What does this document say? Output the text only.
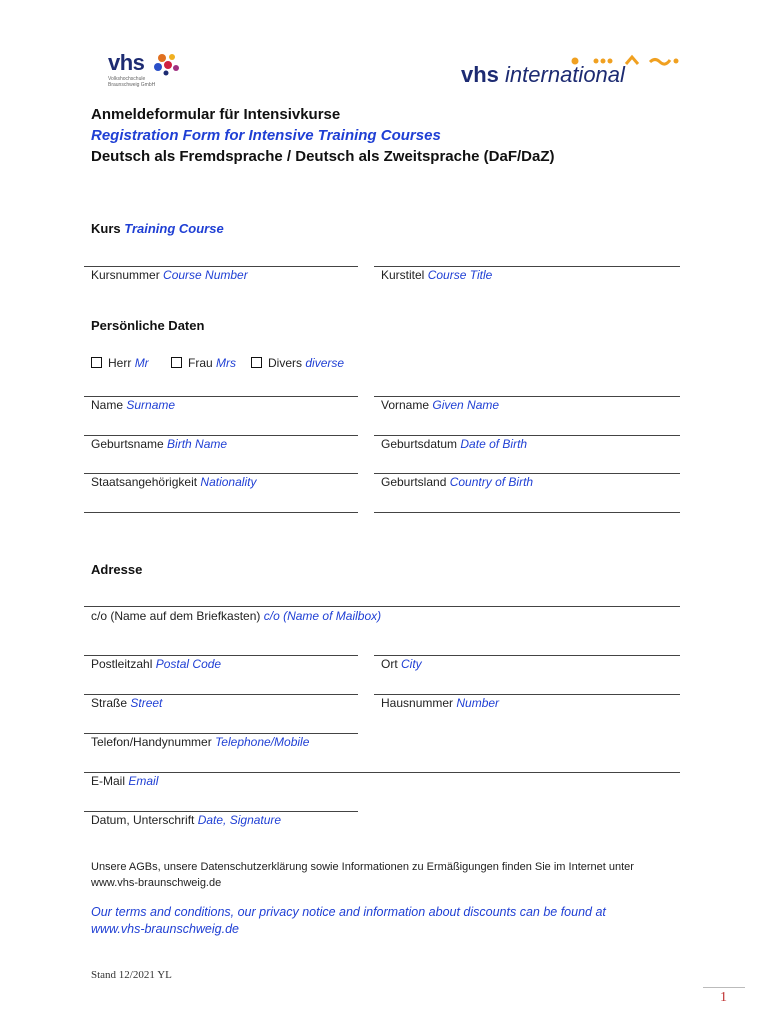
vhs
Volkshochschule Braunschweig GmbH	vhs international
Anmeldeformular für Intensivkurse
Registration Form for Intensive Training Courses
Deutsch als Fremdsprache / Deutsch als Zweitsprache (DaF/DaZ)
Kurs Training Course
Kursnummer Course Number	Kurstitel Course Title
Persönliche Daten
Herr Mr	Frau Mrs	Divers diverse
Name Surname	Vorname Given Name
Geburtsname Birth Name	Geburtsdatum Date of Birth
Staatsangehörigkeit Nationality	Geburtsland Country of Birth
Adresse
c/o (Name auf dem Briefkasten) c/o (Name of Mailbox)
Postleitzahl Postal Code	Ort City
Straße Street	Hausnummer Number
Telefon/Handynummer Telephone/Mobile
E-Mail Email
Datum, Unterschrift Date, Signature
Unsere AGBs, unsere Datenschutzerklärung sowie Informationen zu Ermäßigungen finden Sie im Internet unter
www.vhs-braunschweig.de
Our terms and conditions, our privacy notice and information about discounts can be found at
www.vhs-braunschweig.de
Stand 12/2021 YL
1
